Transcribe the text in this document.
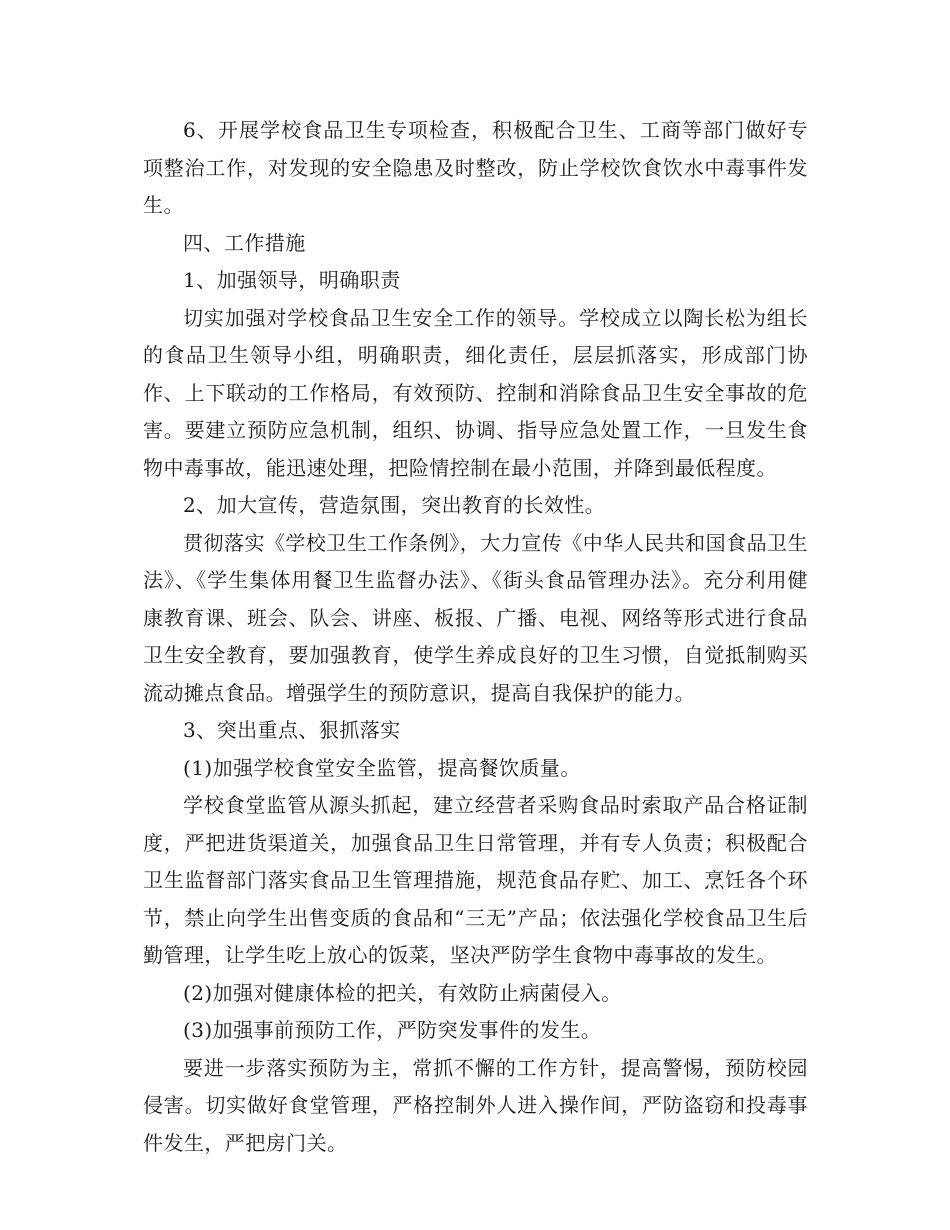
6、开展学校食品卫生专项检查，积极配合卫生、工商等部门做好专项整治工作，对发现的安全隐患及时整改，防止学校饮食饮水中毒事件发生。

四、工作措施

1、加强领导，明确职责

切实加强对学校食品卫生安全工作的领导。学校成立以陶长松为组长的食品卫生领导小组，明确职责，细化责任，层层抓落实，形成部门协作、上下联动的工作格局，有效预防、控制和消除食品卫生安全事故的危害。要建立预防应急机制，组织、协调、指导应急处置工作，一旦发生食物中毒事故，能迅速处理，把险情控制在最小范围，并降到最低程度。

2、加大宣传，营造氛围，突出教育的长效性。

贯彻落实《学校卫生工作条例》，大力宣传《中华人民共和国食品卫生法》、《学生集体用餐卫生监督办法》、《街头食品管理办法》。充分利用健康教育课、班会、队会、讲座、板报、广播、电视、网络等形式进行食品卫生安全教育，要加强教育，使学生养成良好的卫生习惯，自觉抵制购买流动摊点食品。增强学生的预防意识，提高自我保护的能力。

3、突出重点、狠抓落实

(1)加强学校食堂安全监管，提高餐饮质量。

学校食堂监管从源头抓起，建立经营者采购食品时索取产品合格证制度，严把进货渠道关，加强食品卫生日常管理，并有专人负责；积极配合卫生监督部门落实食品卫生管理措施，规范食品存贮、加工、烹饪各个环节，禁止向学生出售变质的食品和“三无”产品；依法强化学校食品卫生后勤管理，让学生吃上放心的饭菜，坚决严防学生食物中毒事故的发生。

(2)加强对健康体检的把关，有效防止病菌侵入。

(3)加强事前预防工作，严防突发事件的发生。

要进一步落实预防为主，常抓不懈的工作方针，提高警惕，预防校园侵害。切实做好食堂管理，严格控制外人进入操作间，严防盗窃和投毒事件发生，严把房门关。
